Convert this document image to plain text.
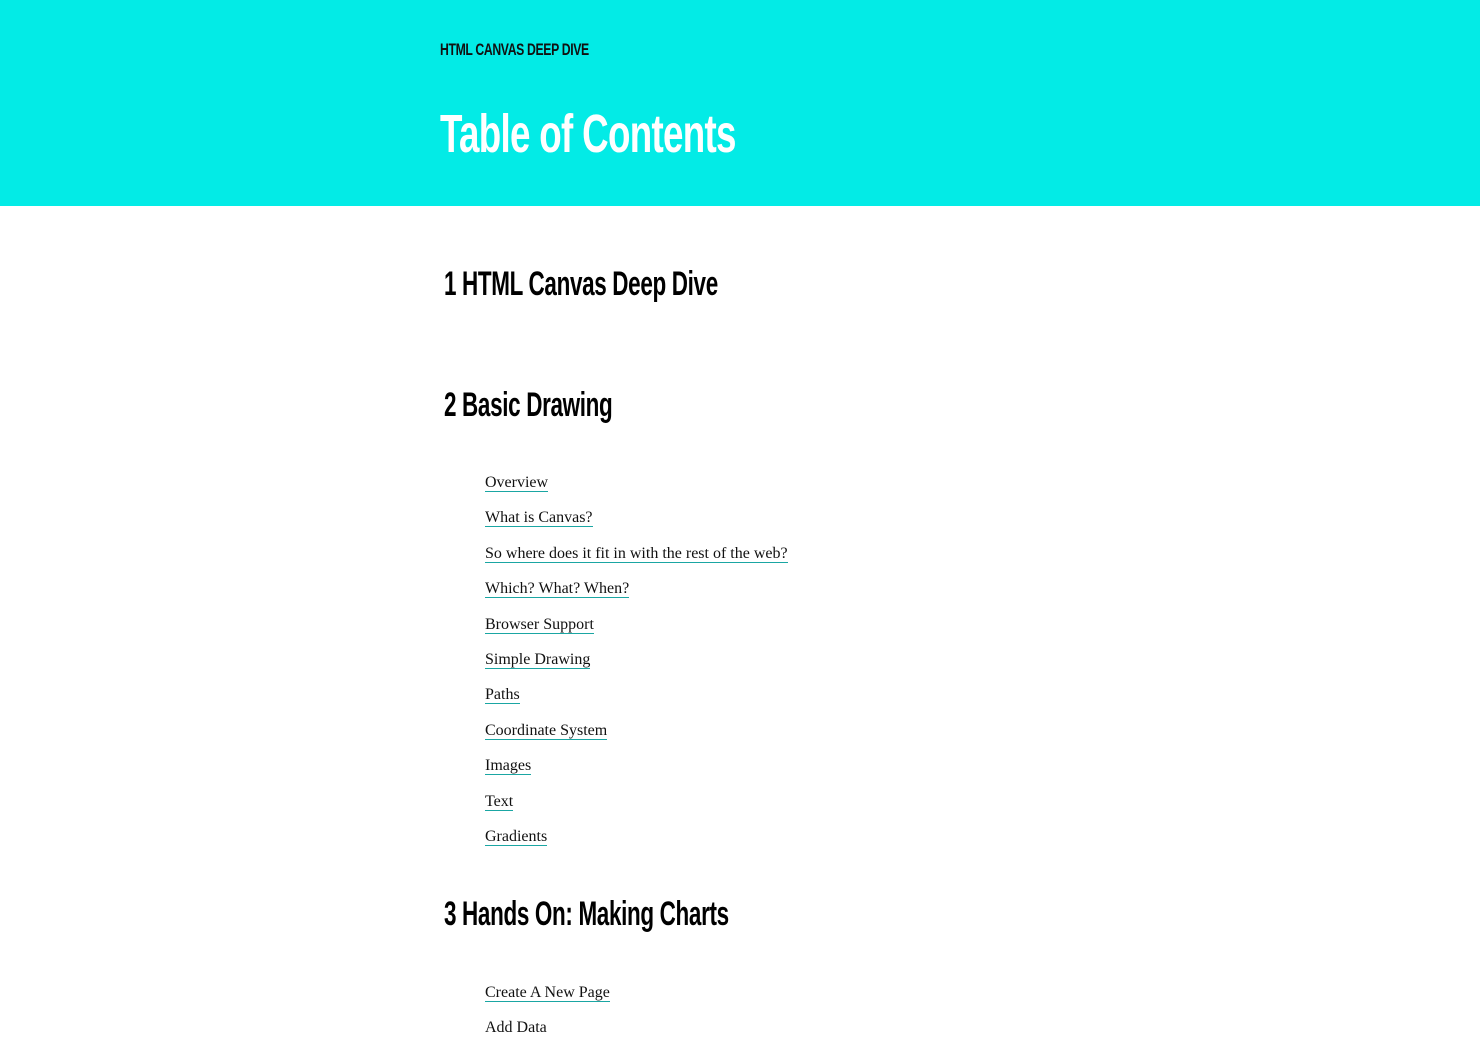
HTML CANVAS DEEP DIVE
Table of Contents
1 HTML Canvas Deep Dive
2 Basic Drawing
Overview
What is Canvas?
So where does it fit in with the rest of the web?
Which? What? When?
Browser Support
Simple Drawing
Paths
Coordinate System
Images
Text
Gradients
3 Hands On: Making Charts
Create A New Page
Add Data
